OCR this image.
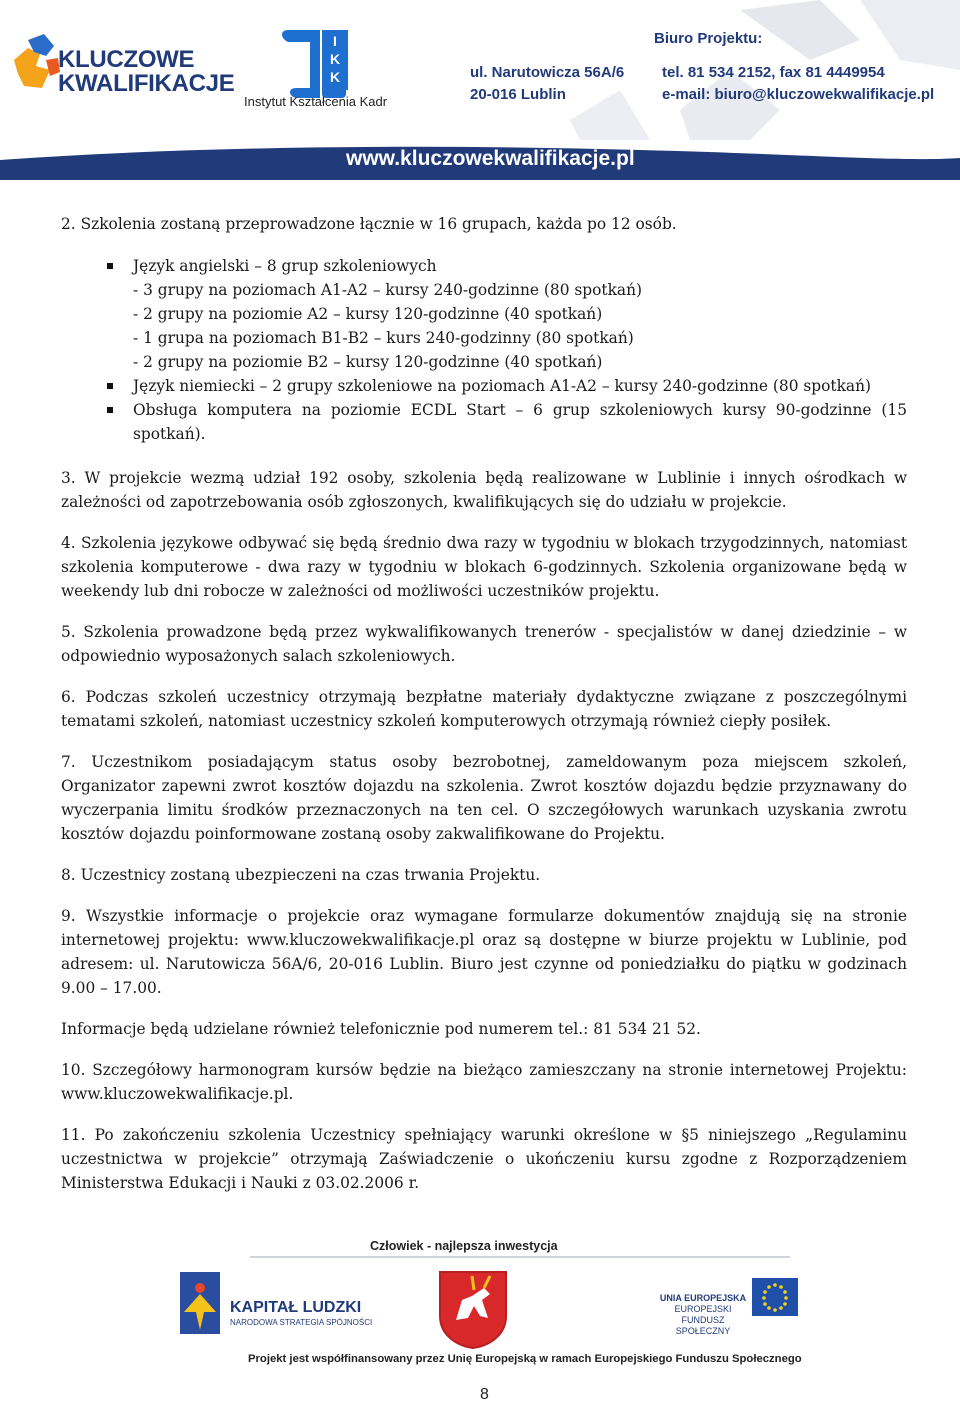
KLUCZOWE
KWALIFIKACJE
I
K
K
Instytut Kształcenia Kadr
Biuro Projektu:
ul. Narutowicza 56A/6
20-016 Lublin
tel. 81 534 2152, fax 81 4449954
e-mail: biuro@kluczowekwalifikacje.pl
www.kluczowekwalifikacje.pl

2. Szkolenia zostaną przeprowadzone łącznie w 16 grupach, każda po 12 osób.

Język angielski – 8 grup szkoleniowych
- 3 grupy na poziomach A1-A2 – kursy 240-godzinne (80 spotkań)
- 2 grupy na poziomie A2 – kursy 120-godzinne (40 spotkań)
- 1 grupa na poziomach B1-B2 – kurs 240-godzinny (80 spotkań)
- 2 grupy na poziomie B2 – kursy 120-godzinne (40 spotkań)
Język niemiecki – 2 grupy szkoleniowe na poziomach A1-A2 – kursy 240-godzinne (80 spotkań)
Obsługa komputera na poziomie ECDL Start – 6 grup szkoleniowych kursy 90-godzinne (15 spotkań).

3. W projekcie wezmą udział 192 osoby, szkolenia będą realizowane w Lublinie i innych ośrodkach w zależności od zapotrzebowania osób zgłoszonych, kwalifikujących się do udziału w projekcie.

4. Szkolenia językowe odbywać się będą średnio dwa razy w tygodniu w blokach trzygodzinnych, natomiast szkolenia komputerowe - dwa razy w tygodniu w blokach 6-godzinnych. Szkolenia organizowane będą w weekendy lub dni robocze w zależności od możliwości uczestników projektu.

5. Szkolenia prowadzone będą przez wykwalifikowanych trenerów - specjalistów w danej dziedzinie – w odpowiednio wyposażonych salach szkoleniowych.

6. Podczas szkoleń uczestnicy otrzymają bezpłatne materiały dydaktyczne związane z poszczególnymi tematami szkoleń, natomiast uczestnicy szkoleń komputerowych otrzymają również ciepły posiłek.

7. Uczestnikom posiadającym status osoby bezrobotnej, zameldowanym poza miejscem szkoleń, Organizator zapewni zwrot kosztów dojazdu na szkolenia. Zwrot kosztów dojazdu będzie przyznawany do wyczerpania limitu środków przeznaczonych na ten cel. O szczegółowych warunkach uzyskania zwrotu kosztów dojazdu poinformowane zostaną osoby zakwalifikowane do Projektu.

8. Uczestnicy zostaną ubezpieczeni na czas trwania Projektu.

9. Wszystkie informacje o projekcie oraz wymagane formularze dokumentów znajdują się na stronie internetowej projektu: www.kluczowekwalifikacje.pl oraz są dostępne w biurze projektu w Lublinie, pod adresem: ul. Narutowicza 56A/6, 20-016 Lublin. Biuro jest czynne od poniedziałku do piątku w godzinach 9.00 – 17.00.

Informacje będą udzielane również telefonicznie pod numerem tel.: 81 534 21 52.

10. Szczegółowy harmonogram kursów będzie na bieżąco zamieszczany na stronie internetowej Projektu: www.kluczowekwalifikacje.pl.

11. Po zakończeniu szkolenia Uczestnicy spełniający warunki określone w §5 niniejszego „Regulaminu uczestnictwa w projekcie” otrzymają Zaświadczenie o ukończeniu kursu zgodne z Rozporządzeniem Ministerstwa Edukacji i Nauki z 03.02.2006 r.

Człowiek - najlepsza inwestycja
KAPITAŁ LUDZKI
NARODOWA STRATEGIA SPÓJNOŚCI
UNIA EUROPEJSKA
EUROPEJSKI
FUNDUSZ SPOŁECZNY
Projekt jest współfinansowany przez Unię Europejską w ramach Europejskiego Funduszu Społecznego
8
